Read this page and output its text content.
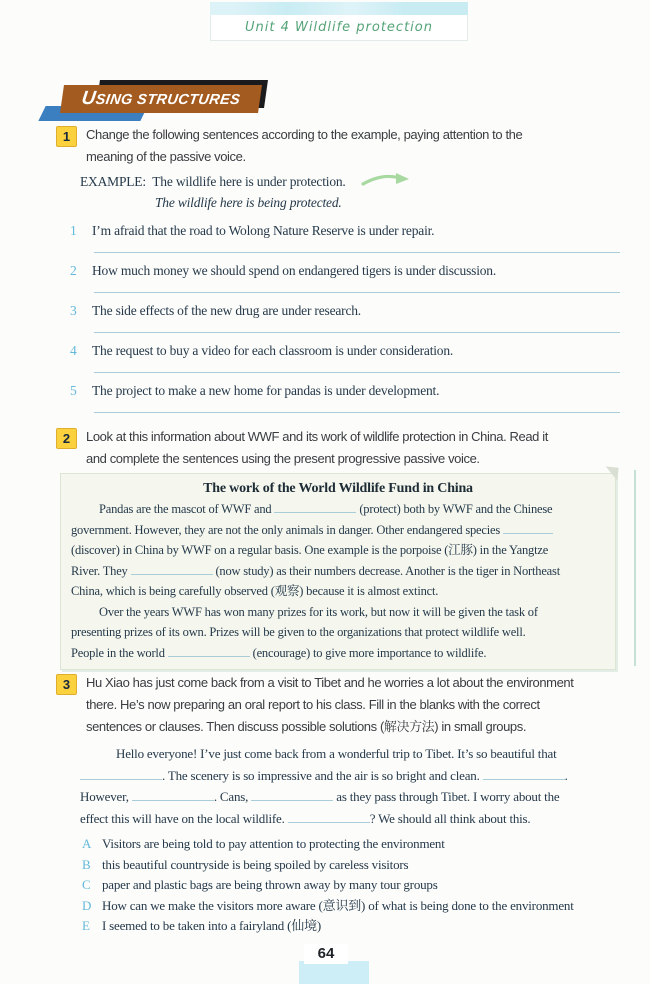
Unit 4 Wildlife protection
USING STRUCTURES
1	Change the following sentences according to the example, paying attention to the
meaning of the passive voice.
EXAMPLE: The wildlife here is under protection.
The wildlife here is being protected.
1	I’m afraid that the road to Wolong Nature Reserve is under repair.
2	How much money we should spend on endangered tigers is under discussion.
3	The side effects of the new drug are under research.
4	The request to buy a video for each classroom is under consideration.
5	The project to make a new home for pandas is under development.
2	Look at this information about WWF and its work of wildlife protection in China. Read it
and complete the sentences using the present progressive passive voice.
The work of the World Wildlife Fund in China
Pandas are the mascot of WWF and	(protect) both by WWF and the Chinese
government. However, they are not the only animals in danger. Other endangered species
(discover) in China by WWF on a regular basis. One example is the porpoise (江豚) in the Yangtze
River. They	(now study) as their numbers decrease. Another is the tiger in Northeast
China, which is being carefully observed (观察) because it is almost extinct.
Over the years WWF has won many prizes for its work, but now it will be given the task of
presenting prizes of its own. Prizes will be given to the organizations that protect wildlife well.
People in the world	(encourage) to give more importance to wildlife.
3	Hu Xiao has just come back from a visit to Tibet and he worries a lot about the environment
there. He’s now preparing an oral report to his class. Fill in the blanks with the correct
sentences or clauses. Then discuss possible solutions (解决方法) in small groups.
Hello everyone! I’ve just come back from a wonderful trip to Tibet. It’s so beautiful that
. The scenery is so impressive and the air is so bright and clean.	.
However,	. Cans,	as they pass through Tibet. I worry about the
effect this will have on the local wildlife.	? We should all think about this.
A Visitors are being told to pay attention to protecting the environment
B this beautiful countryside is being spoiled by careless visitors
C paper and plastic bags are being thrown away by many tour groups
D How can we make the visitors more aware (意识到) of what is being done to the environment
E I seemed to be taken into a fairyland (仙境)
64
